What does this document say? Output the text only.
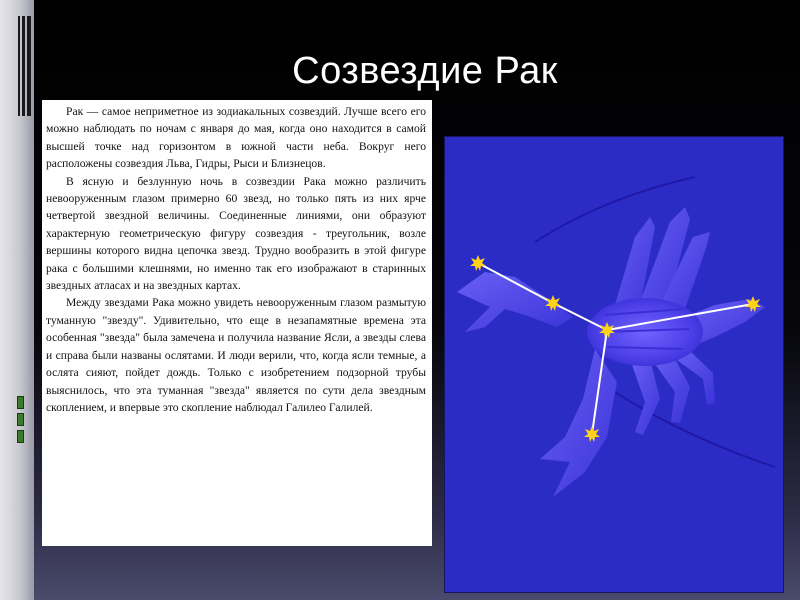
Созвездие Рак

Рак — самое неприметное из зодиакальных созвездий. Лучше всего его можно наблюдать по ночам с января до мая, когда оно находится в самой высшей точке над горизонтом в южной части неба. Вокруг него расположены созвездия Льва, Гидры, Рыси и Близнецов.

В ясную и безлунную ночь в созвездии Рака можно различить невооруженным глазом примерно 60 звезд, но только пять из них ярче четвертой звездной величины. Соединенные линиями, они образуют характерную геометрическую фигуру созвездия - треугольник, возле вершины которого видна цепочка звезд. Трудно вообразить в этой фигуре рака с большими клешнями, но именно так его изображают в старинных звездных атласах и на звездных картах.

Между звездами Рака можно увидеть невооруженным глазом размытую туманную "звезду". Удивительно, что еще в незапамятные времена эта особенная "звезда" была замечена и получила название Ясли, а звезды слева и справа были названы ослятами. И люди верили, что, когда ясли темные, а ослята сияют, пойдет дождь. Только с изобретением подзорной трубы выяснилось, что эта туманная "звезда" является по сути дела звездным скоплением, и впервые это скопление наблюдал Галилео Галилей.
